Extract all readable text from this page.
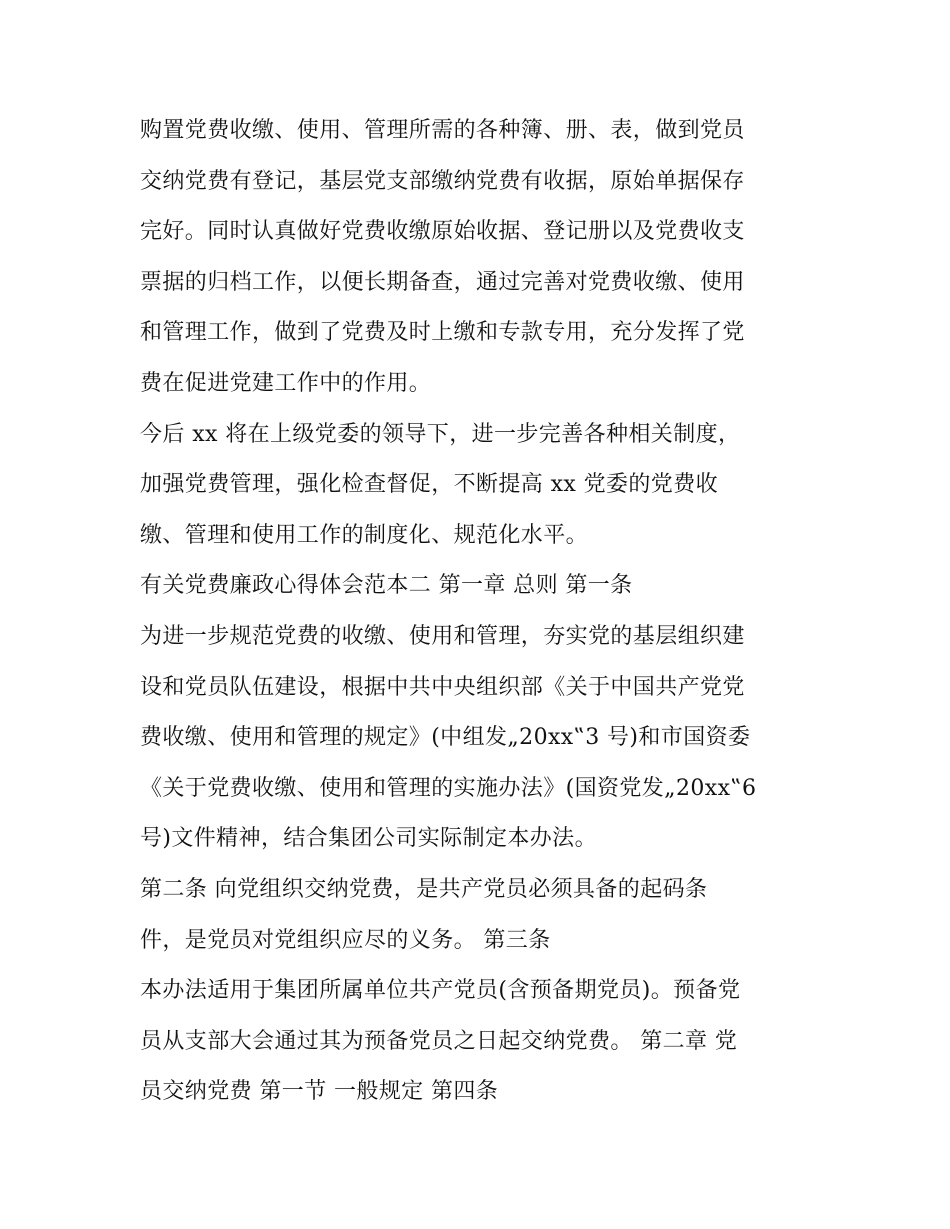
购置党费收缴、使用、管理所需的各种簿、册、表，做到党员
交纳党费有登记，基层党支部缴纳党费有收据，原始单据保存
完好。同时认真做好党费收缴原始收据、登记册以及党费收支
票据的归档工作，以便长期备查，通过完善对党费收缴、使用
和管理工作，做到了党费及时上缴和专款专用，充分发挥了党
费在促进党建工作中的作用。
今后 xx 将在上级党委的领导下，进一步完善各种相关制度，
加强党费管理，强化检查督促，不断提高 xx 党委的党费收
缴、管理和使用工作的制度化、规范化水平。
有关党费廉政心得体会范本二 第一章 总则 第一条
为进一步规范党费的收缴、使用和管理，夯实党的基层组织建
设和党员队伍建设，根据中共中央组织部《关于中国共产党党
费收缴、使用和管理的规定》(中组发„20xx‟3 号)和市国资委
《关于党费收缴、使用和管理的实施办法》(国资党发„20xx‟6
号)文件精神，结合集团公司实际制定本办法。
第二条 向党组织交纳党费，是共产党员必须具备的起码条
件，是党员对党组织应尽的义务。 第三条
本办法适用于集团所属单位共产党员(含预备期党员)。预备党
员从支部大会通过其为预备党员之日起交纳党费。 第二章 党
员交纳党费 第一节 一般规定 第四条
